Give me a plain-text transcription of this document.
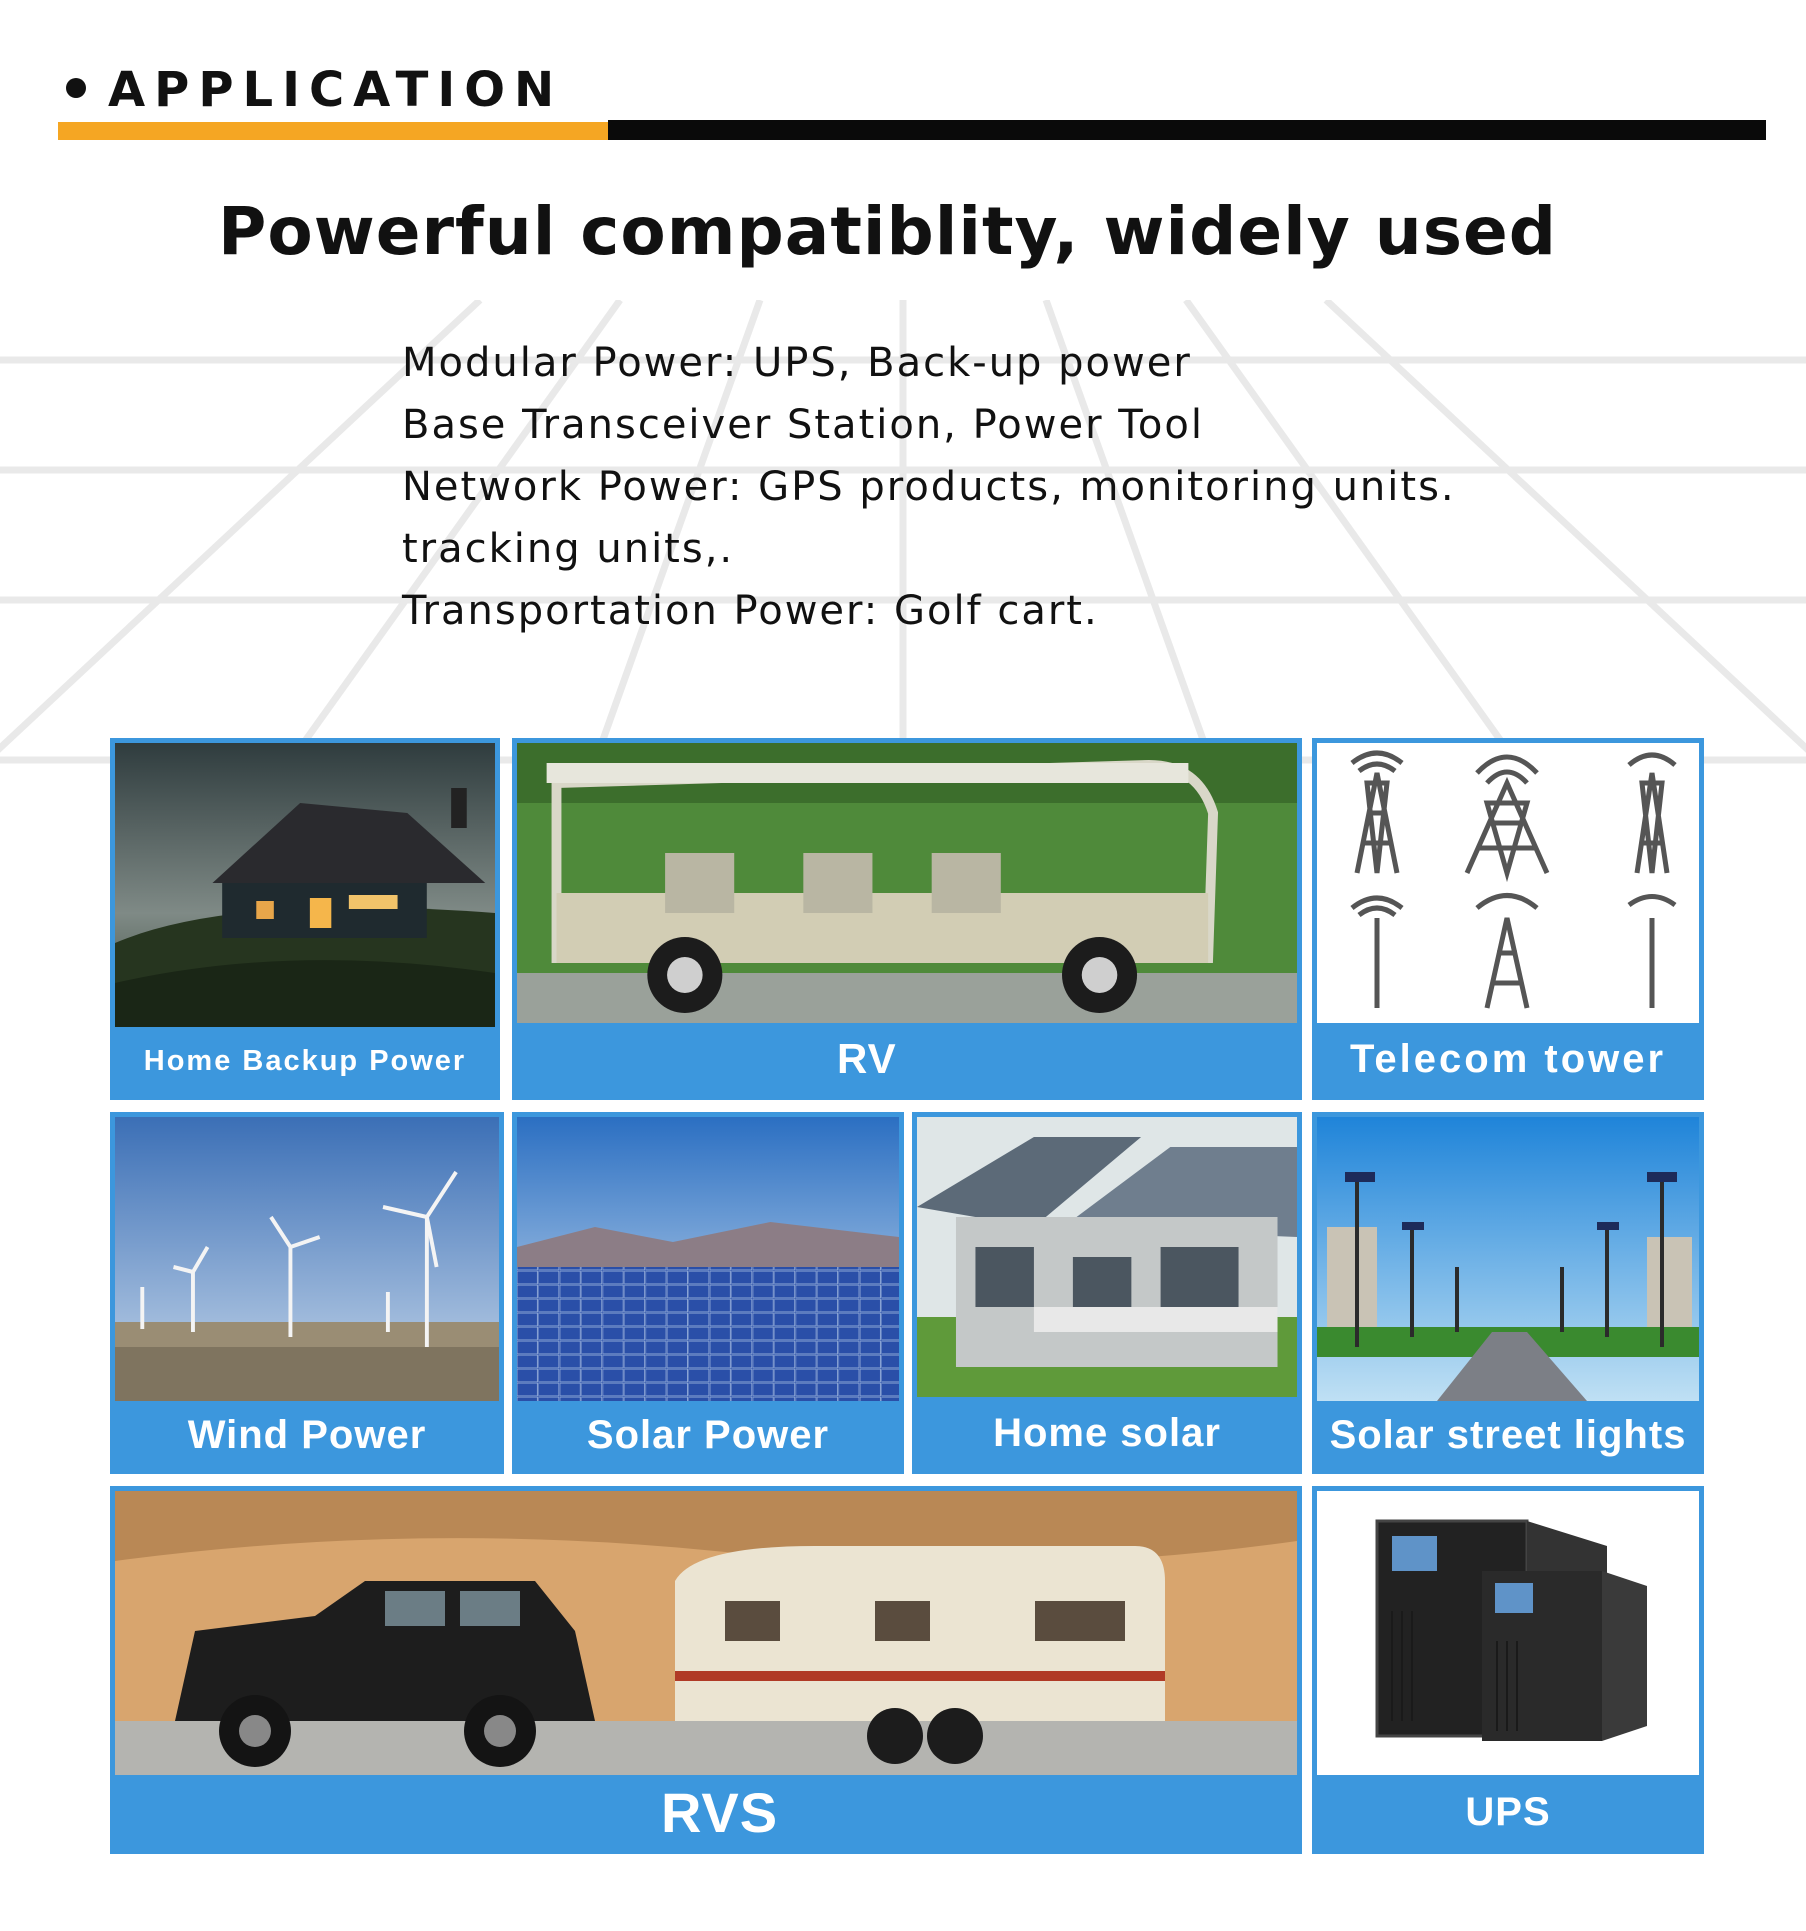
APPLICATION
Powerful compatiblity, widely used
Modular Power: UPS, Back-up power
Base Transceiver Station, Power Tool
Network Power: GPS products, monitoring units.
tracking units,.
Transportation Power: Golf cart.
Home Backup Power	RV	Telecom tower
Wind Power	Solar Power	Home solar	Solar street lights
RVS	UPS
